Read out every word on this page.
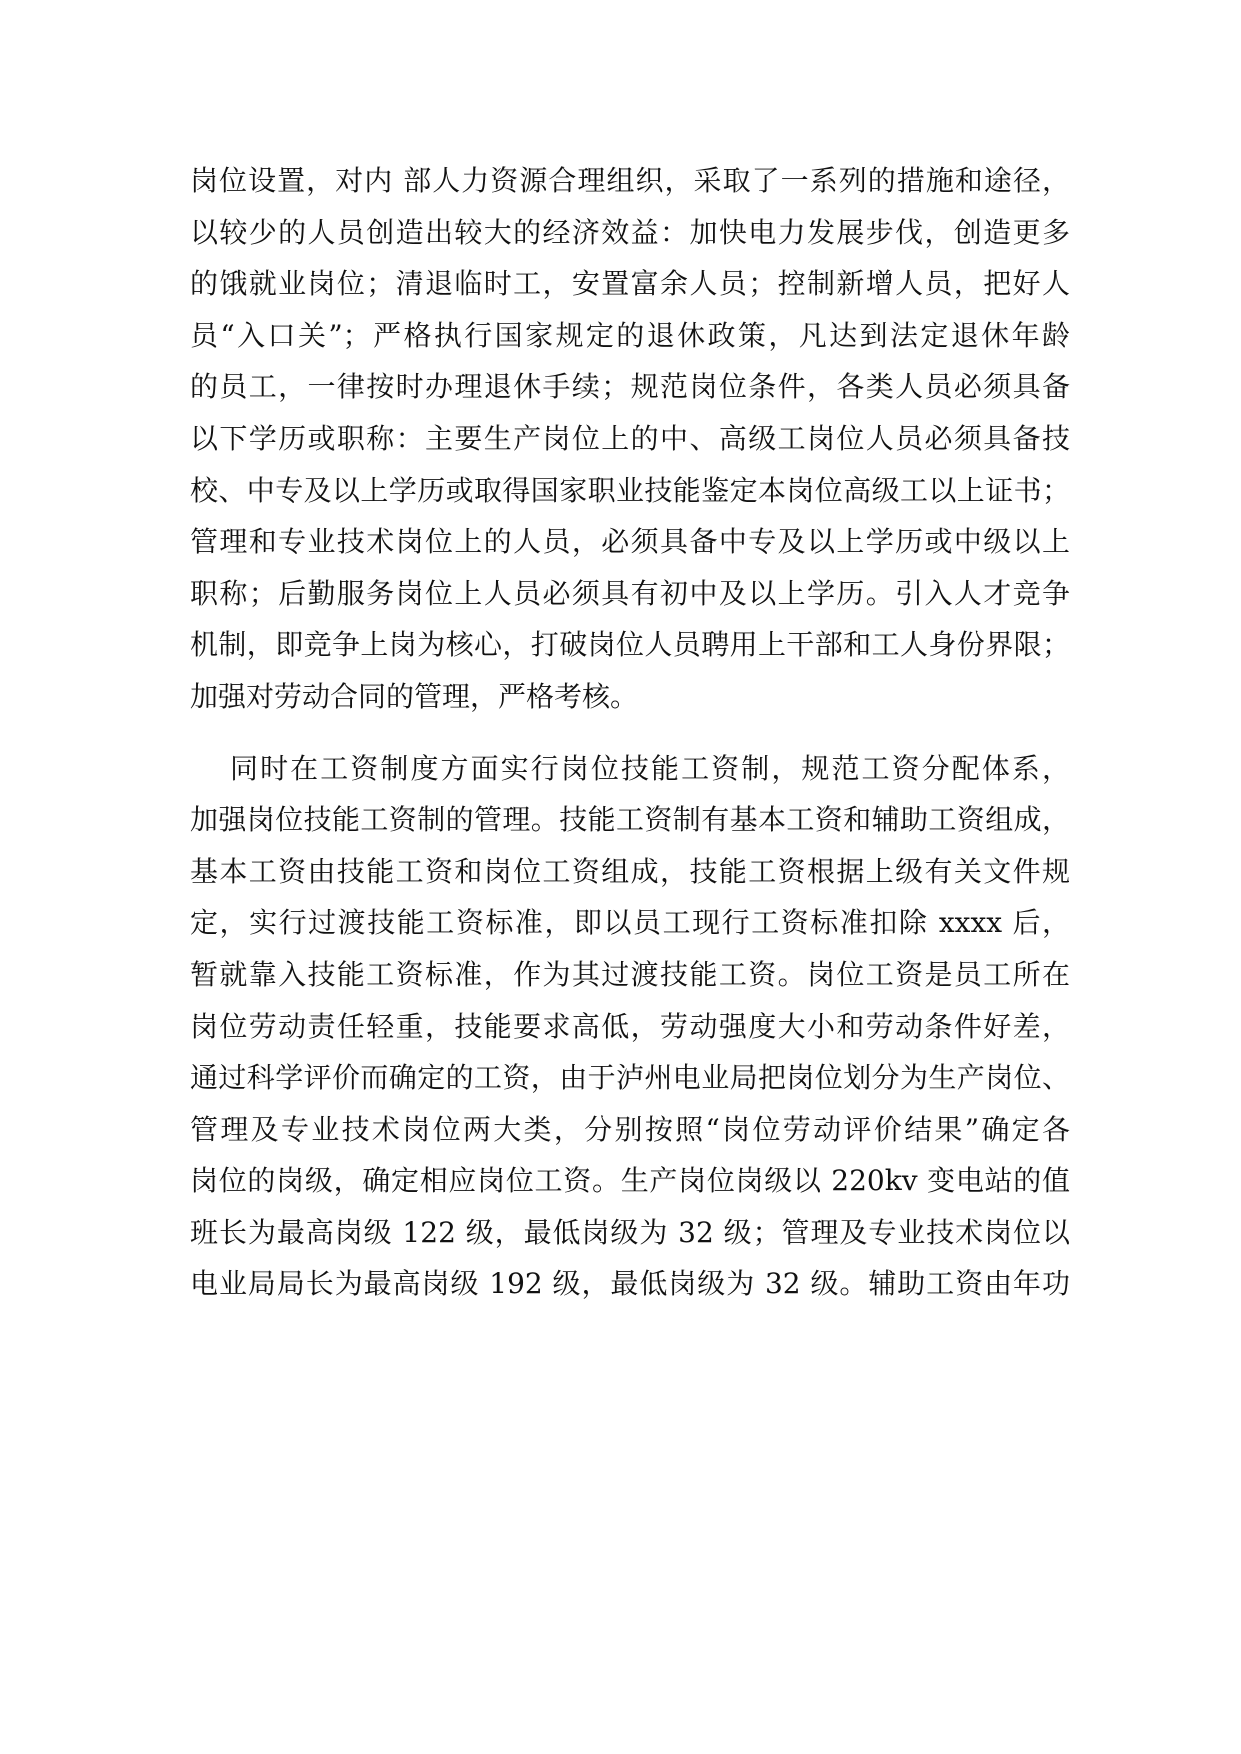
岗位设置，对内 部人力资源合理组织，采取了一系列的措施和途径，
以较少的人员创造出较大的经济效益：加快电力发展步伐，创造更多
的饿就业岗位；清退临时工，安置富余人员；控制新增人员，把好人
员“入口关”；严格执行国家规定的退休政策，凡达到法定退休年龄
的员工，一律按时办理退休手续；规范岗位条件，各类人员必须具备
以下学历或职称：主要生产岗位上的中、高级工岗位人员必须具备技
校、中专及以上学历或取得国家职业技能鉴定本岗位高级工以上证书；
管理和专业技术岗位上的人员，必须具备中专及以上学历或中级以上
职称；后勤服务岗位上人员必须具有初中及以上学历。引入人才竞争
机制，即竞争上岗为核心，打破岗位人员聘用上干部和工人身份界限；
加强对劳动合同的管理，严格考核。
同时在工资制度方面实行岗位技能工资制，规范工资分配体系，
加强岗位技能工资制的管理。技能工资制有基本工资和辅助工资组成，
基本工资由技能工资和岗位工资组成，技能工资根据上级有关文件规
定，实行过渡技能工资标准，即以员工现行工资标准扣除 xxxx 后，
暂就靠入技能工资标准，作为其过渡技能工资。岗位工资是员工所在
岗位劳动责任轻重，技能要求高低，劳动强度大小和劳动条件好差，
通过科学评价而确定的工资，由于泸州电业局把岗位划分为生产岗位、
管理及专业技术岗位两大类，分别按照“岗位劳动评价结果”确定各
岗位的岗级，确定相应岗位工资。生产岗位岗级以 220kv 变电站的值
班长为最高岗级 122 级，最低岗级为 32 级；管理及专业技术岗位以
电业局局长为最高岗级 192 级，最低岗级为 32 级。辅助工资由年功
